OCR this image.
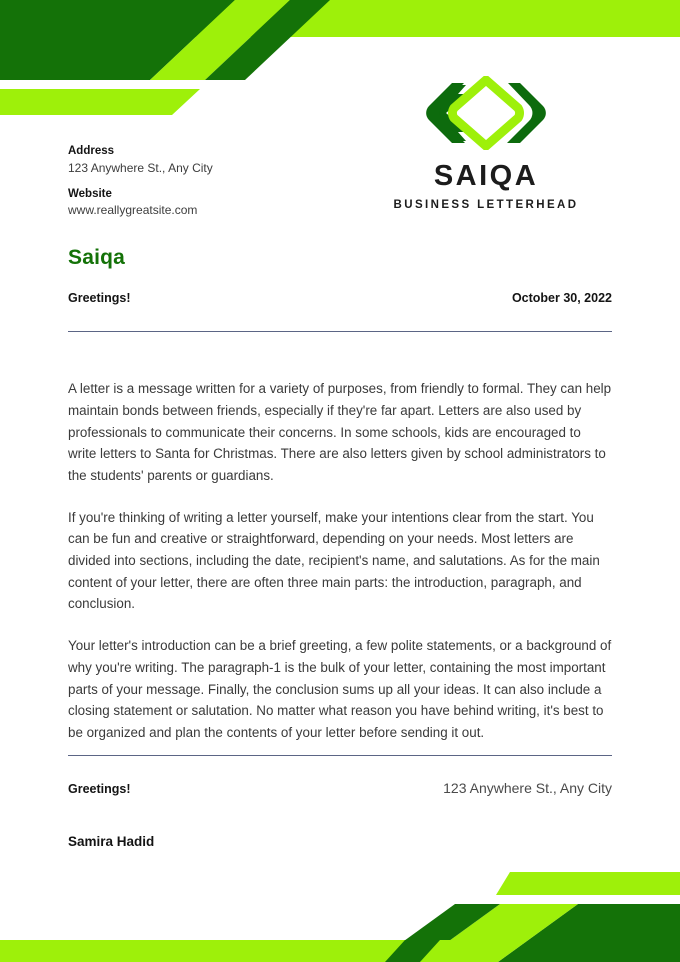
SAIQA
BUSINESS LETTERHEAD
Address
123 Anywhere St., Any City
Website
www.reallygreatsite.com
Saiqa
Greetings!	October 30, 2022

A letter is a message written for a variety of purposes, from friendly to formal. They can help maintain bonds between friends, especially if they're far apart. Letters are also used by professionals to communicate their concerns. In some schools, kids are encouraged to write letters to Santa for Christmas. There are also letters given by school administrators to the students' parents or guardians.

If you're thinking of writing a letter yourself, make your intentions clear from the start. You can be fun and creative or straightforward, depending on your needs. Most letters are divided into sections, including the date, recipient's name, and salutations. As for the main content of your letter, there are often three main parts: the introduction, paragraph, and conclusion.

Your letter's introduction can be a brief greeting, a few polite statements, or a background of why you're writing. The paragraph-1 is the bulk of your letter, containing the most important parts of your message. Finally, the conclusion sums up all your ideas. It can also include a closing statement or salutation. No matter what reason you have behind writing, it's best to be organized and plan the contents of your letter before sending it out.

Greetings!	123 Anywhere St., Any City
Samira Hadid
